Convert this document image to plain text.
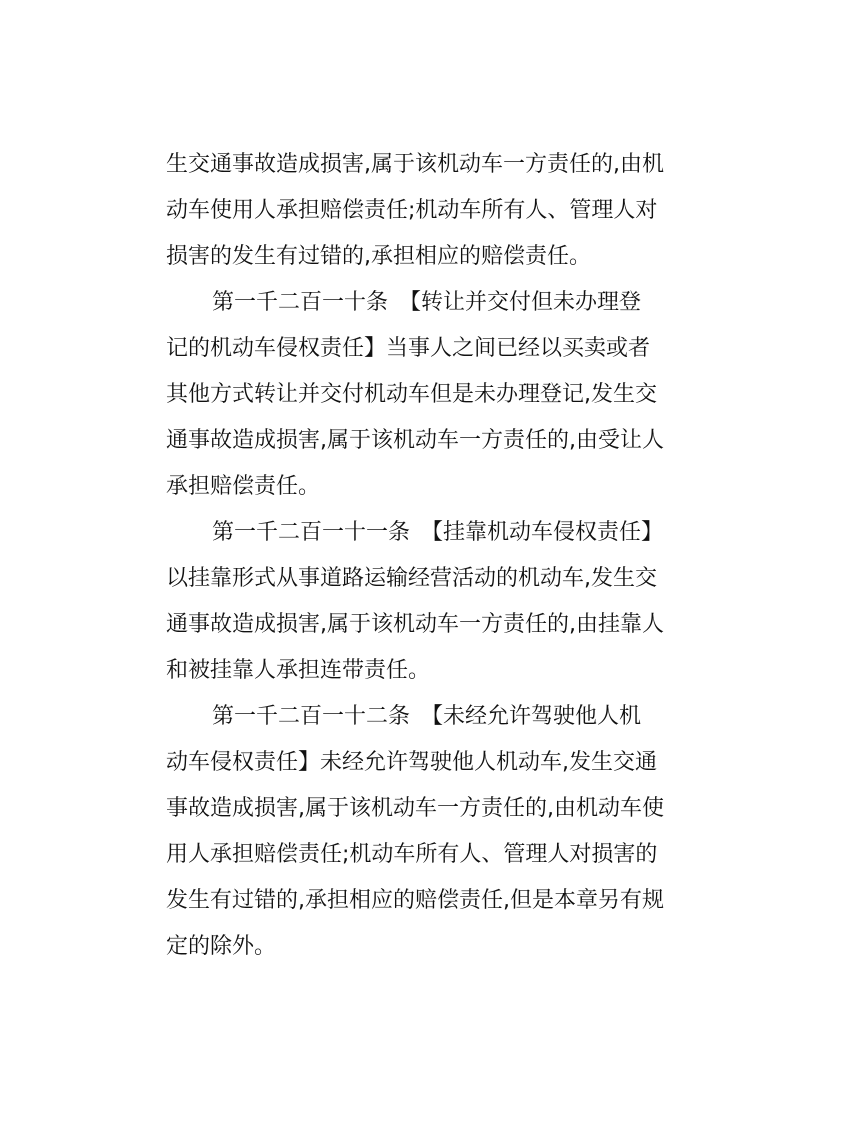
生交通事故造成损害,属于该机动车一方责任的,由机
动车使用人承担赔偿责任;机动车所有人、管理人对
损害的发生有过错的,承担相应的赔偿责任。
第一千二百一十条　【转让并交付但未办理登
记的机动车侵权责任】当事人之间已经以买卖或者
其他方式转让并交付机动车但是未办理登记,发生交
通事故造成损害,属于该机动车一方责任的,由受让人
承担赔偿责任。
第一千二百一十一条　【挂靠机动车侵权责任】
以挂靠形式从事道路运输经营活动的机动车,发生交
通事故造成损害,属于该机动车一方责任的,由挂靠人
和被挂靠人承担连带责任。
第一千二百一十二条　【未经允许驾驶他人机
动车侵权责任】未经允许驾驶他人机动车,发生交通
事故造成损害,属于该机动车一方责任的,由机动车使
用人承担赔偿责任;机动车所有人、管理人对损害的
发生有过错的,承担相应的赔偿责任,但是本章另有规
定的除外。
